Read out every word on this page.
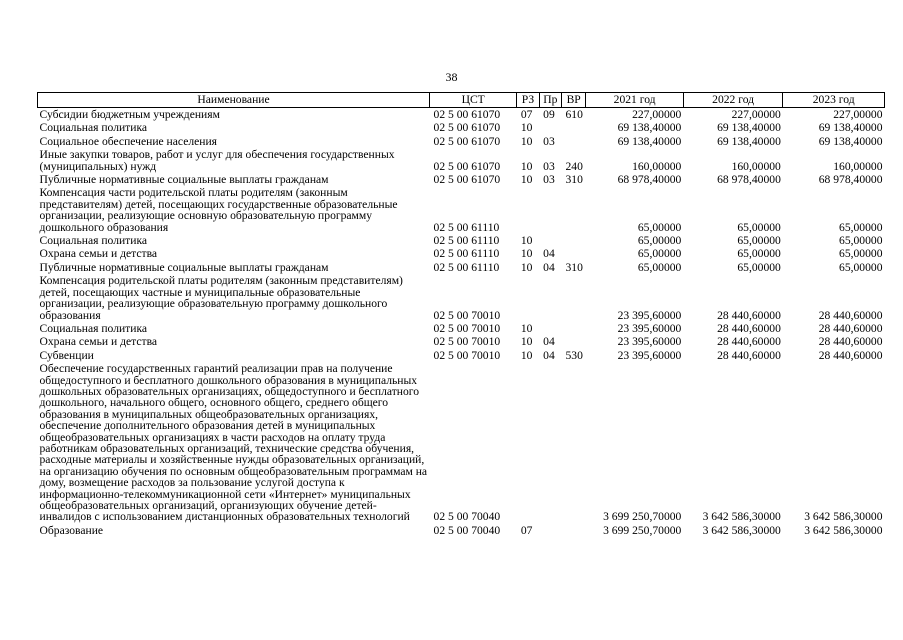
38
Наименование	ЦСТ	РЗ	Пр	ВР	2021 год	2022 год	2023 год
Субсидии бюджетным учреждениям	02 5 00 61070	07	09	610	227,00000	227,00000	227,00000
Социальная политика	02 5 00 61070	10			69 138,40000	69 138,40000	69 138,40000
Социальное обеспечение населения	02 5 00 61070	10	03		69 138,40000	69 138,40000	69 138,40000
Иные закупки товаров, работ и услуг для обеспечения государственных (муниципальных) нужд	02 5 00 61070	10	03	240	160,00000	160,00000	160,00000
Публичные нормативные социальные выплаты гражданам	02 5 00 61070	10	03	310	68 978,40000	68 978,40000	68 978,40000
Компенсация части родительской платы родителям (законным представителям) детей, посещающих государственные образовательные организации, реализующие основную образовательную программу дошкольного образования	02 5 00 61110				65,00000	65,00000	65,00000
Социальная политика	02 5 00 61110	10			65,00000	65,00000	65,00000
Охрана семьи и детства	02 5 00 61110	10	04		65,00000	65,00000	65,00000
Публичные нормативные социальные выплаты гражданам	02 5 00 61110	10	04	310	65,00000	65,00000	65,00000
Компенсация родительской платы родителям (законным представителям) детей, посещающих частные и муниципальные образовательные организации, реализующие образовательную программу дошкольного образования	02 5 00 70010				23 395,60000	28 440,60000	28 440,60000
Социальная политика	02 5 00 70010	10			23 395,60000	28 440,60000	28 440,60000
Охрана семьи и детства	02 5 00 70010	10	04		23 395,60000	28 440,60000	28 440,60000
Субвенции	02 5 00 70010	10	04	530	23 395,60000	28 440,60000	28 440,60000
Обеспечение государственных гарантий реализации прав на получение общедоступного и бесплатного дошкольного образования в муниципальных дошкольных образовательных организациях, общедоступного и бесплатного дошкольного, начального общего, основного общего, среднего общего образования в муниципальных общеобразовательных организациях, обеспечение дополнительного образования детей в муниципальных общеобразовательных организациях в части расходов на оплату труда работникам образовательных организаций, технические средства обучения, расходные материалы и хозяйственные нужды образовательных организаций, на организацию обучения по основным общеобразовательным программам на дому, возмещение расходов за пользование услугой доступа к информационно-телекоммуникационной сети «Интернет» муниципальных общеобразовательных организаций, организующих обучение детей-инвалидов с использованием дистанционных образовательных технологий	02 5 00 70040				3 699 250,70000	3 642 586,30000	3 642 586,30000
Образование	02 5 00 70040	07			3 699 250,70000	3 642 586,30000	3 642 586,30000
